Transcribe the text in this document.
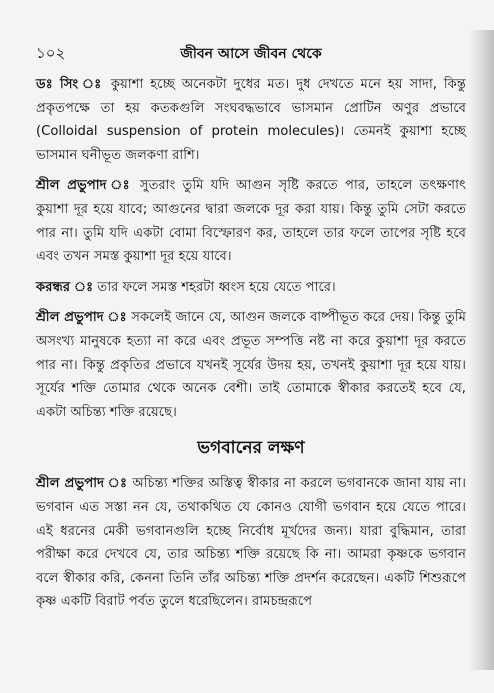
১০২	জীবন আসে জীবন থেকে

ডঃ সিং ঃ কুয়াশা হচ্ছে অনেকটা দুধের মত। দুধ দেখতে মনে হয় সাদা, কিন্তু প্রকৃতপক্ষে তা হয় কতকগুলি সংঘবদ্ধভাবে ভাসমান প্রোটিন অণুর প্রভাবে (Colloidal suspension of protein molecules)। তেমনই কুয়াশা হচ্ছে ভাসমান ঘনীভূত জলকণা রাশি।

শ্রীল প্রভুপাদ ঃ সুতরাং তুমি যদি আগুন সৃষ্টি করতে পার, তাহলে তৎক্ষণাৎ কুয়াশা দূর হয়ে যাবে; আগুনের দ্বারা জলকে দূর করা যায়। কিন্তু তুমি সেটা করতে পার না। তুমি যদি একটা বোমা বিস্ফোরণ কর, তাহলে তার ফলে তাপের সৃষ্টি হবে এবং তখন সমস্ত কুয়াশা দূর হয়ে যাবে।

করন্ধর ঃ তার ফলে সমস্ত শহরটা ধ্বংস হয়ে যেতে পারে।

শ্রীল প্রভুপাদ ঃ সকলেই জানে যে, আগুন জলকে বাষ্পীভূত করে দেয়। কিন্তু তুমি অসংখ্য মানুষকে হত্যা না করে এবং প্রভূত সম্পত্তি নষ্ট না করে কুয়াশা দূর করতে পার না। কিন্তু প্রকৃতির প্রভাবে যখনই সূর্যের উদয় হয়, তখনই কুয়াশা দূর হয়ে যায়। সূর্যের শক্তি তোমার থেকে অনেক বেশী। তাই তোমাকে স্বীকার করতেই হবে যে, একটা অচিন্ত্য শক্তি রয়েছে।

ভগবানের লক্ষণ

শ্রীল প্রভুপাদ ঃ অচিন্ত্য শক্তির অস্তিত্ব স্বীকার না করলে ভগবানকে জানা যায় না। ভগবান এত সস্তা নন যে, তথাকথিত যে কোনও যোগী ভগবান হয়ে যেতে পারে। এই ধরনের মেকী ভগবানগুলি হচ্ছে নির্বোধ মূর্খদের জন্য। যারা বুদ্ধিমান, তারা পরীক্ষা করে দেখবে যে, তার অচিন্ত্য শক্তি রয়েছে কি না। আমরা কৃষ্ণকে ভগবান বলে স্বীকার করি, কেননা তিনি তাঁর অচিন্ত্য শক্তি প্রদর্শন করেছেন। একটি শিশুরূপে কৃষ্ণ একটি বিরাট পর্বত তুলে ধরেছিলেন। রামচন্দ্ররূপে
